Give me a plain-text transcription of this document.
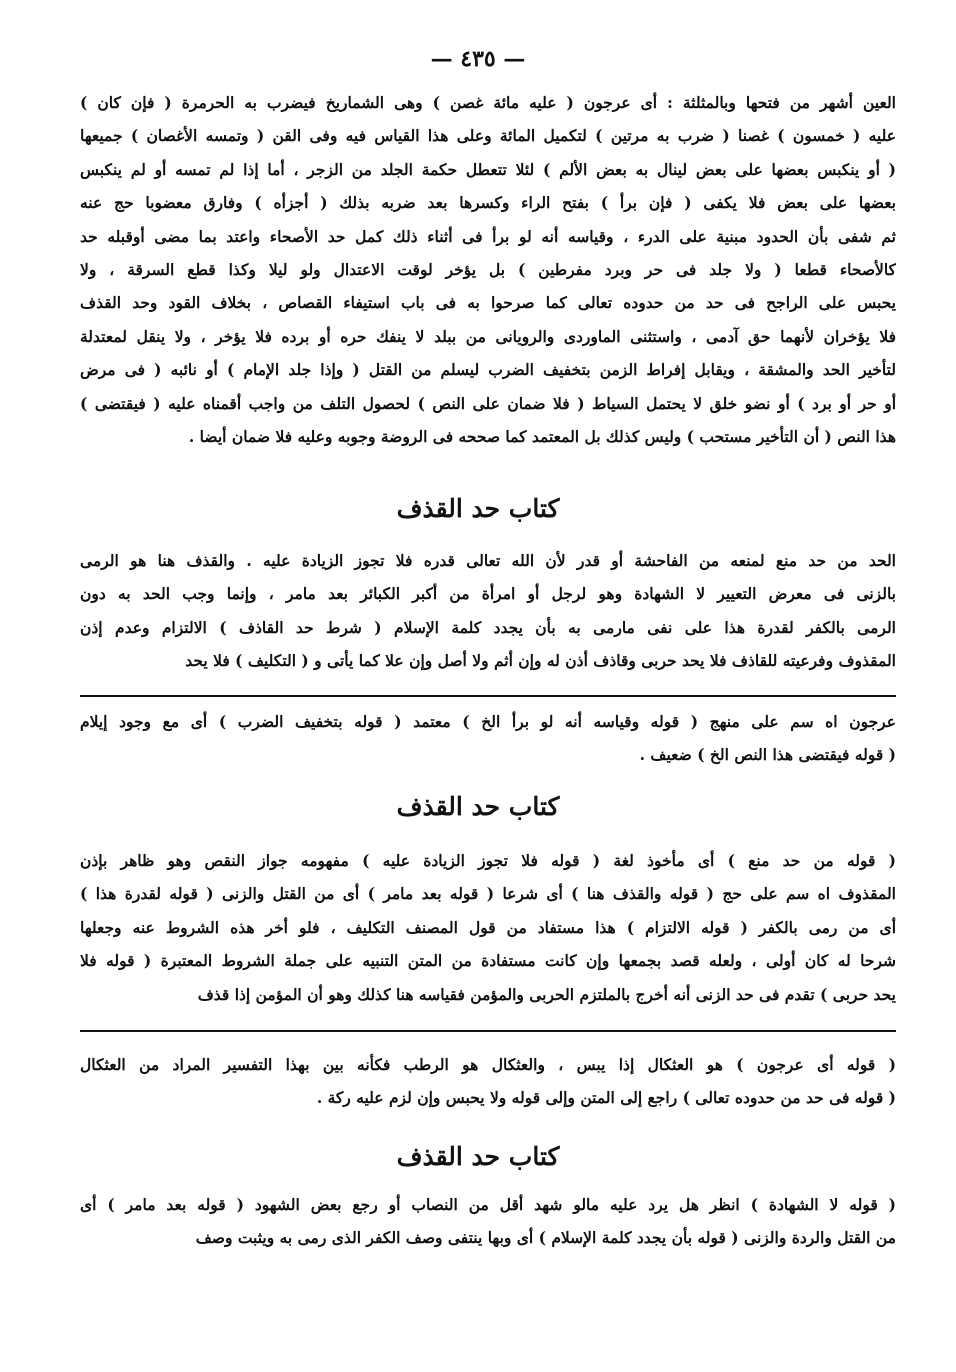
— ٤٣٥ —
العين أشهر من فتحها وبالمثلثة : أى عرجون ( عليه مائة غصن ) وهى الشماريخ فيضرب به الحرمرة ( فإن كان )
عليه ( خمسون ) غصنا ( ضرب به مرتين ) لتكميل المائة وعلى هذا القياس فيه وفى القن ( وتمسه الأغصان ) جميعها
( أو ينكبس بعضها على بعض لينال به بعض الألم ) لئلا تتعطل حكمة الجلد من الزجر ، أما إذا لم تمسه أو لم ينكبس
بعضها على بعض فلا يكفى ( فإن برأ ) بفتح الراء وكسرها بعد ضربه بذلك ( أجزأه ) وفارق معضوبا حج عنه
ثم شفى بأن الحدود مبنية على الدرء ، وقياسه أنه لو برأ فى أثناء ذلك كمل حد الأصحاء واعتد بما مضى أوقبله حد
كالأصحاء قطعا ( ولا جلد فى حر وبرد مفرطين ) بل يؤخر لوقت الاعتدال ولو ليلا وكذا قطع السرقة ، ولا
يحبس على الراجح فى حد من حدوده تعالى كما صرحوا به فى باب استيفاء القصاص ، بخلاف القود وحد القذف
فلا يؤخران لأنهما حق آدمى ، واستثنى الماوردى والرويانى من ببلد لا ينفك حره أو برده فلا يؤخر ، ولا ينقل لمعتدلة
لتأخير الحد والمشقة ، ويقابل إفراط الزمن بتخفيف الضرب ليسلم من القتل ( وإذا جلد الإمام ) أو نائبه ( فى مرض
أو حر أو برد ) أو نضو خلق لا يحتمل السياط ( فلا ضمان على النص ) لحصول التلف من واجب أقمناه عليه ( فيقتضى )
هذا النص ( أن التأخير مستحب ) وليس كذلك بل المعتمد كما صححه فى الروضة وجوبه وعليه فلا ضمان أيضا .
كتاب حد القذف
الحد من حد منع لمنعه من الفاحشة أو قدر لأن الله تعالى قدره فلا تجوز الزيادة عليه . والقذف هنا هو الرمى
بالزنى فى معرض التعيير لا الشهادة وهو لرجل أو امرأة من أكبر الكبائر بعد مامر ، وإنما وجب الحد به دون
الرمى بالكفر لقدرة هذا على نفى مارمى به بأن يجدد كلمة الإسلام ( شرط حد القاذف ) الالتزام وعدم إذن
المقذوف وفرعيته للقاذف فلا يحد حربى وقاذف أذن له وإن أثم ولا أصل وإن علا كما يأتى و ( التكليف ) فلا يحد
عرجون اه سم على منهج ( قوله وقياسه أنه لو برأ الخ ) معتمد ( قوله بتخفيف الضرب ) أى مع وجود إيلام
( قوله فيقتضى هذا النص الخ ) ضعيف .
كتاب حد القذف
( قوله من حد منع ) أى مأخوذ لغة ( قوله فلا تجوز الزيادة عليه ) مفهومه جواز النقص وهو ظاهر بإذن
المقذوف اه سم على حج ( قوله والقذف هنا ) أى شرعا ( قوله بعد مامر ) أى من القتل والزنى ( قوله لقدرة هذا )
أى من رمى بالكفر ( قوله الالتزام ) هذا مستفاد من قول المصنف التكليف ، فلو أخر هذه الشروط عنه وجعلها
شرحا له كان أولى ، ولعله قصد بجمعها وإن كانت مستفادة من المتن التنبيه على جملة الشروط المعتبرة ( قوله فلا
يحد حربى ) تقدم فى حد الزنى أنه أخرج بالملتزم الحربى والمؤمن فقياسه هنا كذلك وهو أن المؤمن إذا قذف
( قوله أى عرجون ) هو العثكال إذا يبس ، والعثكال هو الرطب فكأنه بين بهذا التفسير المراد من العثكال
( قوله فى حد من حدوده تعالى ) راجع إلى المتن وإلى قوله ولا يحبس وإن لزم عليه ركة .
كتاب حد القذف
( قوله لا الشهادة ) انظر هل يرد عليه مالو شهد أقل من النصاب أو رجع بعض الشهود ( قوله بعد مامر ) أى
من القتل والردة والزنى ( قوله بأن يجدد كلمة الإسلام ) أى وبها ينتفى وصف الكفر الذى رمى به ويثبت وصف
